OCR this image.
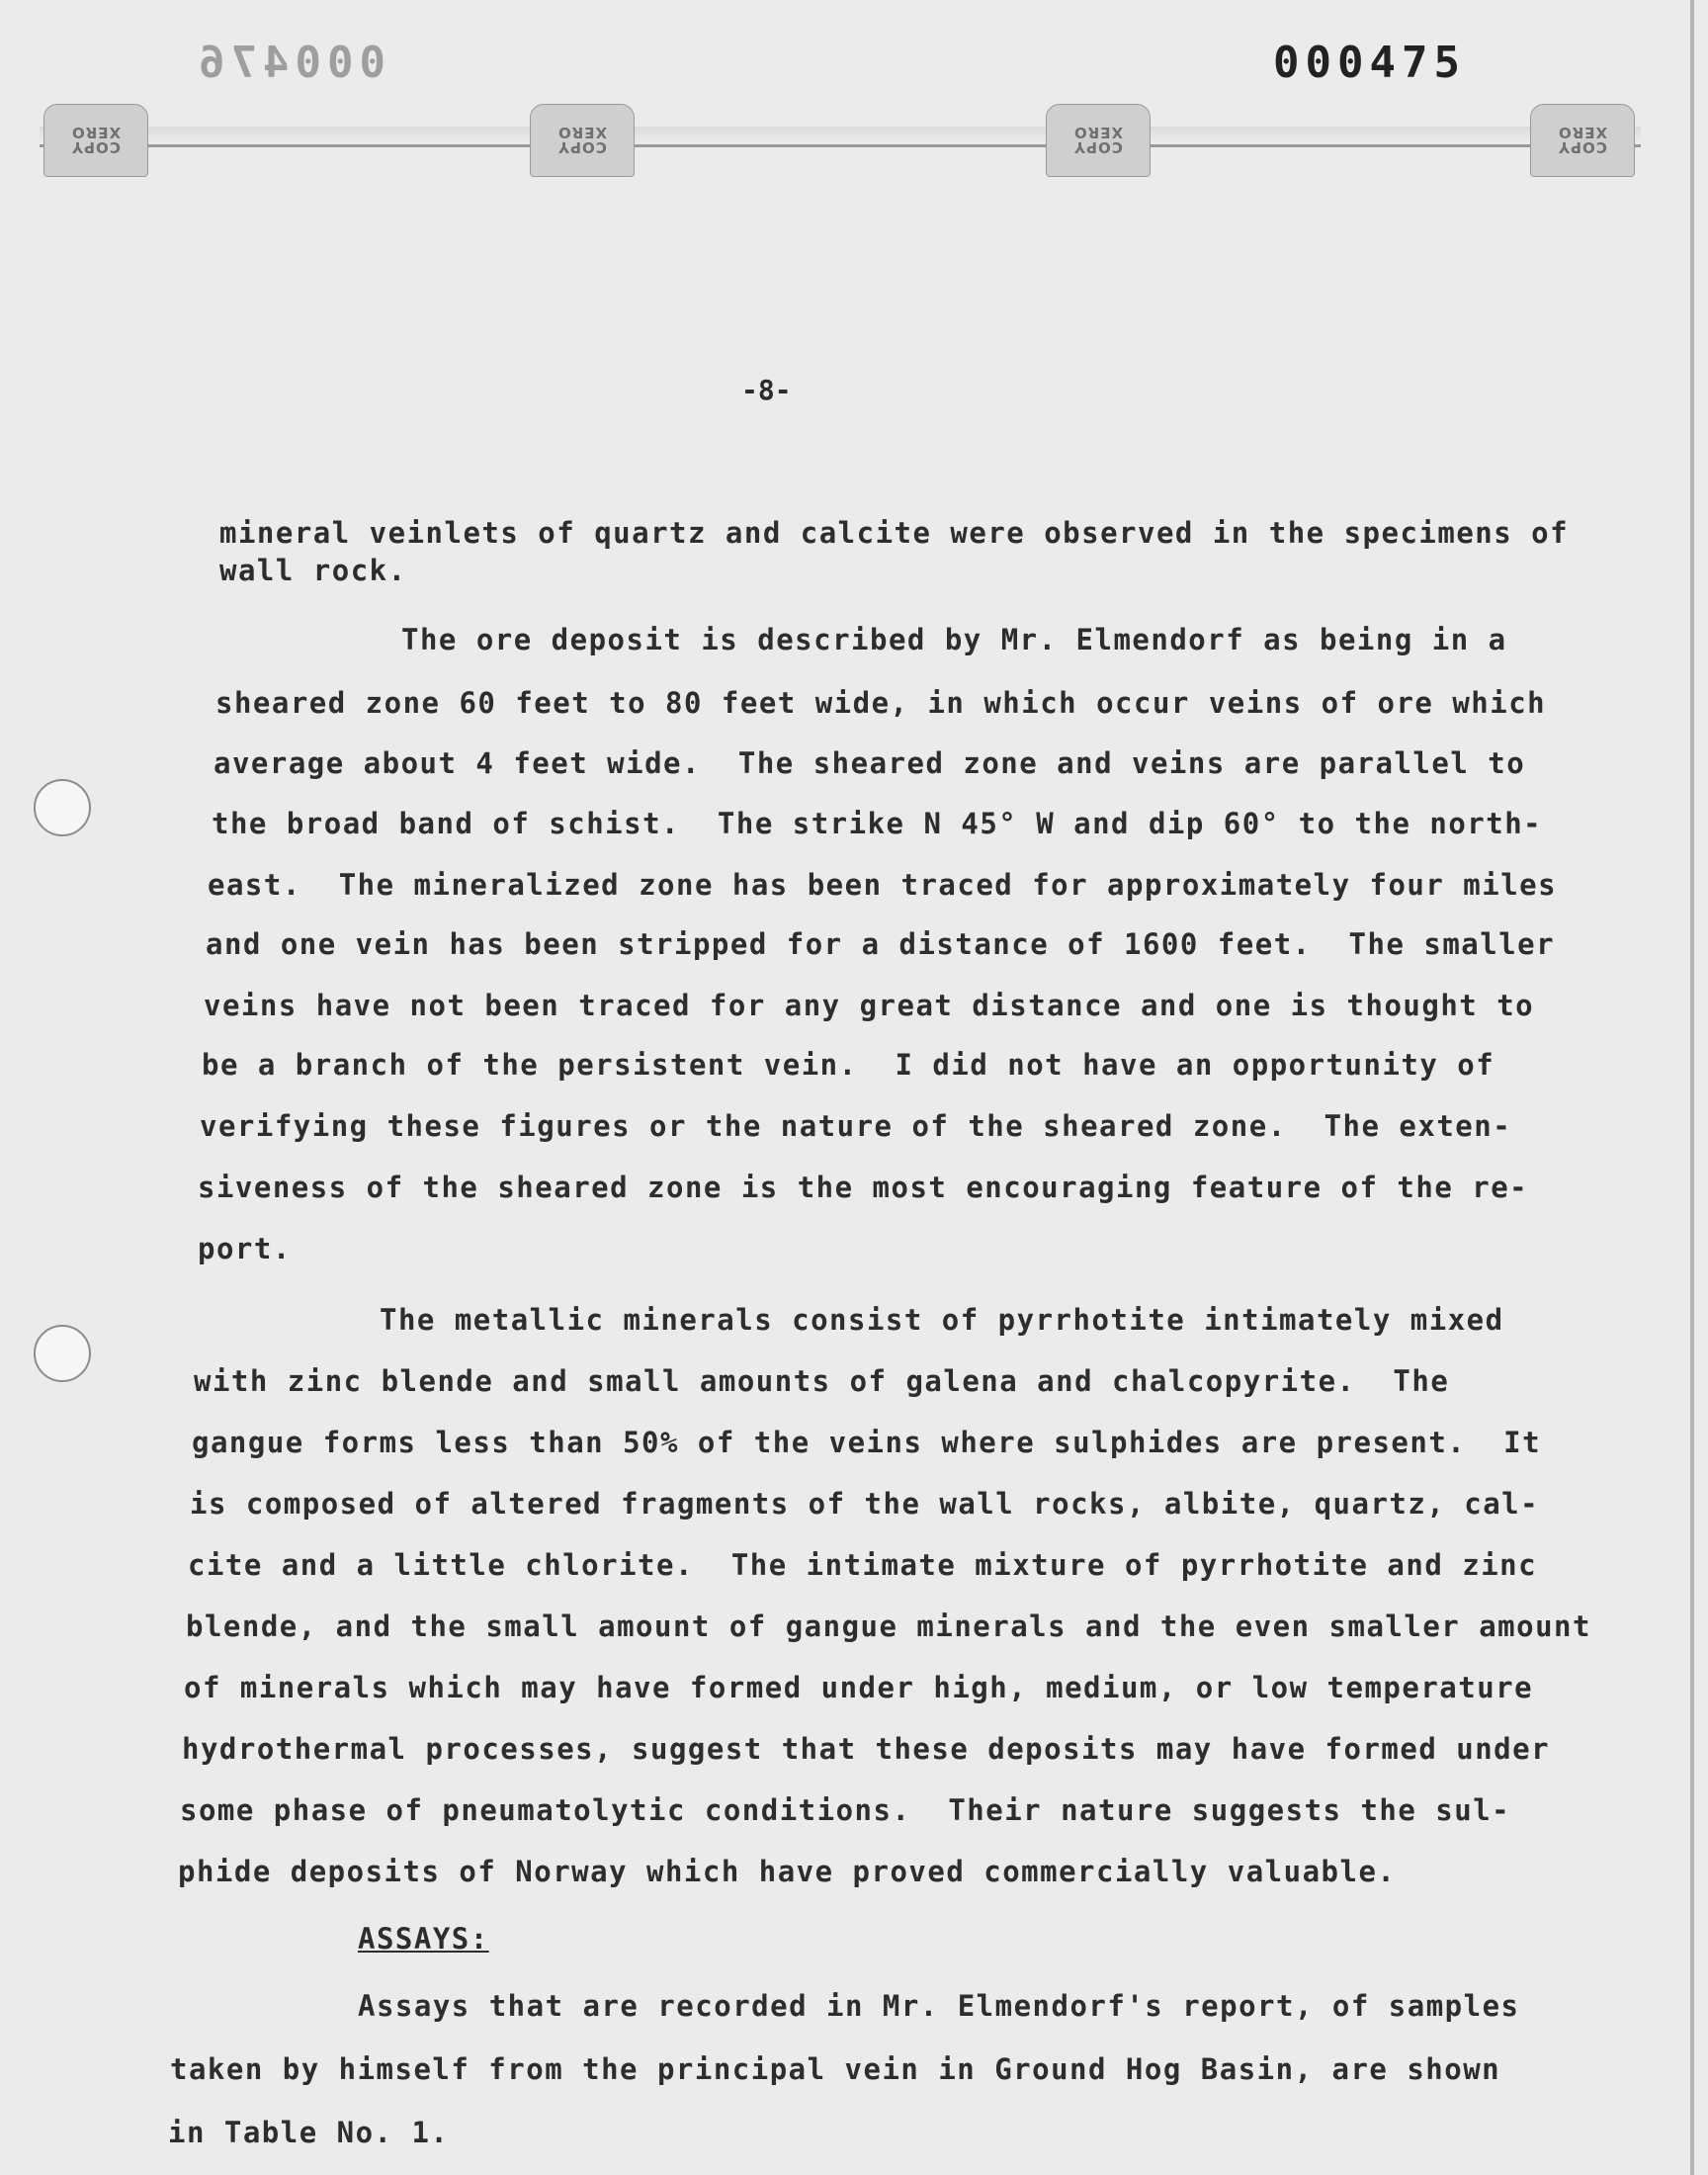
COPY
XERO
COPY
XERO
COPY
XERO
COPY
XERO
000476	000475
-8-
mineral veinlets of quartz and calcite were observed in the specimens of
wall rock.
The ore deposit is described by Mr. Elmendorf as being in a
sheared zone 60 feet to 80 feet wide, in which occur veins of ore which
average about 4 feet wide.  The sheared zone and veins are parallel to
the broad band of schist.  The strike N 45° W and dip 60° to the north-
east.  The mineralized zone has been traced for approximately four miles
and one vein has been stripped for a distance of 1600 feet.  The smaller
veins have not been traced for any great distance and one is thought to
be a branch of the persistent vein.  I did not have an opportunity of
verifying these figures or the nature of the sheared zone.  The exten-
siveness of the sheared zone is the most encouraging feature of the re-
port.
The metallic minerals consist of pyrrhotite intimately mixed
with zinc blende and small amounts of galena and chalcopyrite.  The
gangue forms less than 50% of the veins where sulphides are present.  It
is composed of altered fragments of the wall rocks, albite, quartz, cal-
cite and a little chlorite.  The intimate mixture of pyrrhotite and zinc
blende, and the small amount of gangue minerals and the even smaller amount
of minerals which may have formed under high, medium, or low temperature
hydrothermal processes, suggest that these deposits may have formed under
some phase of pneumatolytic conditions.  Their nature suggests the sul-
phide deposits of Norway which have proved commercially valuable.
ASSAYS:
Assays that are recorded in Mr. Elmendorf's report, of samples
taken by himself from the principal vein in Ground Hog Basin, are shown
in Table No. 1.
